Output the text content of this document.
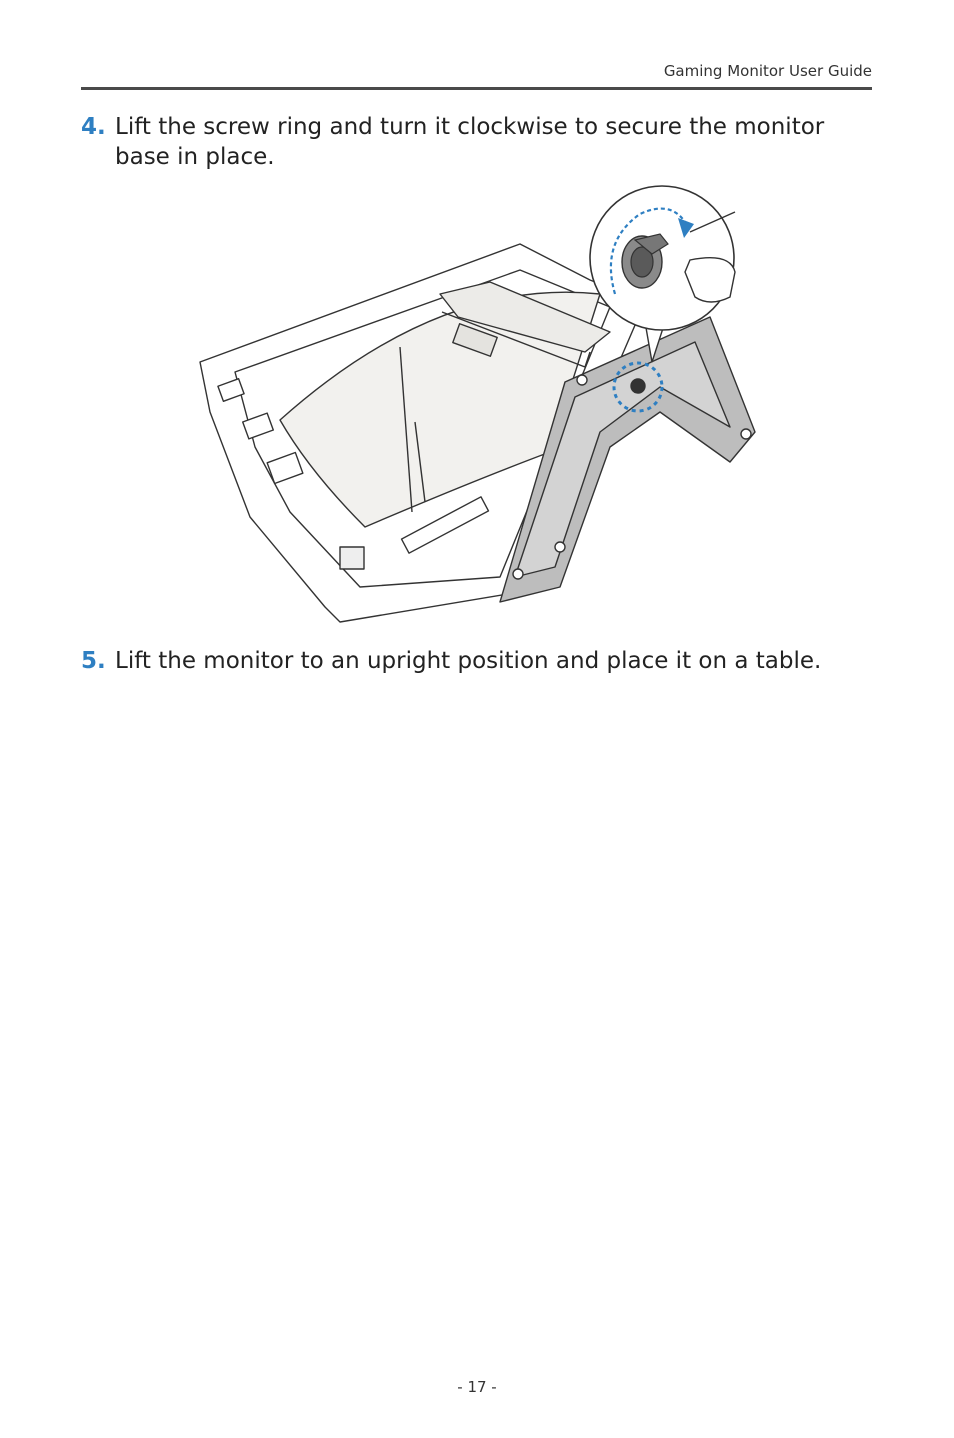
Gaming Monitor User Guide
4. Lift the screw ring and turn it clockwise to secure the monitor base in place.
5. Lift the monitor to an upright position and place it on a table.
- 17 -
